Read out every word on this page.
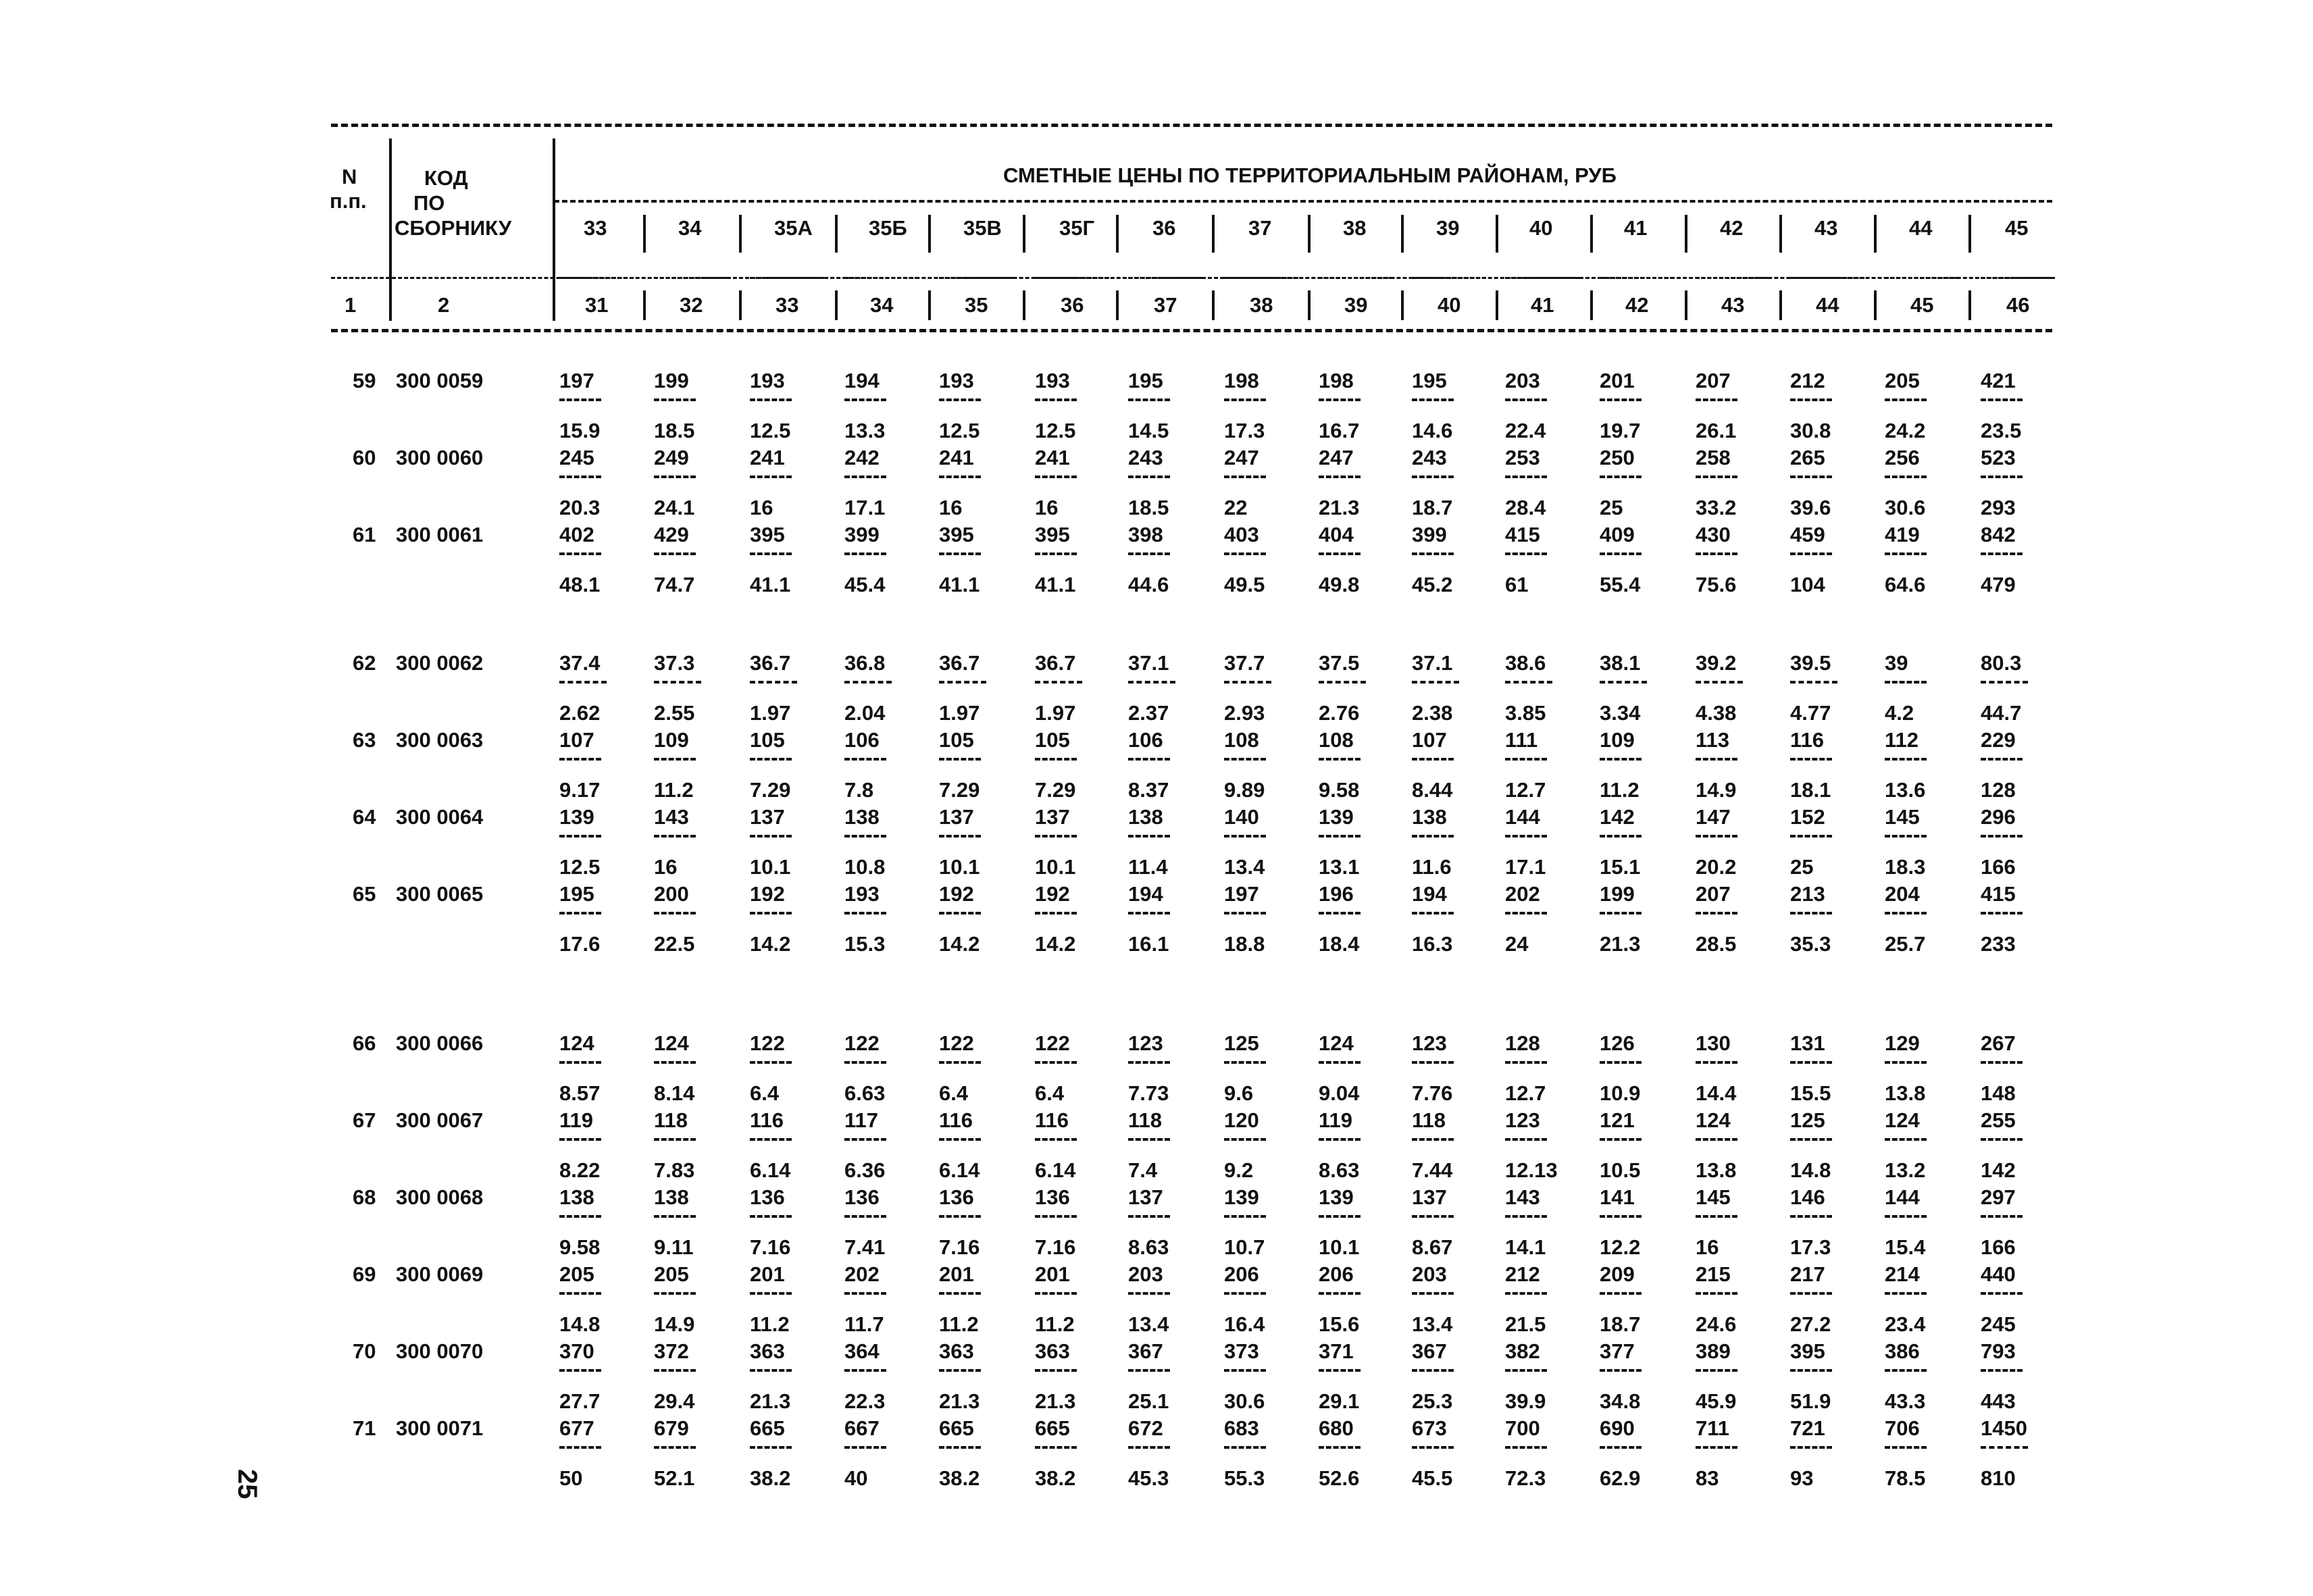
N
п.п.
КОД
ПО
СБОРНИКУ
СМЕТНЫЕ ЦЕНЫ ПО ТЕРРИТОРИАЛЬНЫМ РАЙОНАМ, РУБ
1	2
33
31
34
32
35А
33
35Б
34
35В
35
35Г
36
36
37
37
38
38
39
39
40
40
41
41
42
42
43
43
44
44
45
45
46
59 300 0059
60 300 0060
61 300 0061
197
15.9
245
20.3
402
48.1
199
18.5
249
24.1
429
74.7
193
12.5
241
16
395
41.1
194
13.3
242
17.1
399
45.4
193
12.5
241
16
395
41.1
193
12.5
241
16
395
41.1
195
14.5
243
18.5
398
44.6
198
17.3
247
22
403
49.5
198
16.7
247
21.3
404
49.8
195
14.6
243
18.7
399
45.2
203
22.4
253
28.4
415
61
201
19.7
250
25
409
55.4
207
26.1
258
33.2
430
75.6
212
30.8
265
39.6
459
104
205
24.2
256
30.6
419
64.6
421
23.5
523
293
842
479
62 300 0062
63 300 0063
64 300 0064
65 300 0065
37.4
2.62
107
9.17
139
12.5
195
17.6
37.3
2.55
109
11.2
143
16
200
22.5
36.7
1.97
105
7.29
137
10.1
192
14.2
36.8
2.04
106
7.8
138
10.8
193
15.3
36.7
1.97
105
7.29
137
10.1
192
14.2
36.7
1.97
105
7.29
137
10.1
192
14.2
37.1
2.37
106
8.37
138
11.4
194
16.1
37.7
2.93
108
9.89
140
13.4
197
18.8
37.5
2.76
108
9.58
139
13.1
196
18.4
37.1
2.38
107
8.44
138
11.6
194
16.3
38.6
3.85
111
12.7
144
17.1
202
24
38.1
3.34
109
11.2
142
15.1
199
21.3
39.2
4.38
113
14.9
147
20.2
207
28.5
39.5
4.77
116
18.1
152
25
213
35.3
39
4.2
112
13.6
145
18.3
204
25.7
80.3
44.7
229
128
296
166
415
233
66 300 0066
67 300 0067
68 300 0068
69 300 0069
70 300 0070
71 300 0071
124
8.57
119
8.22
138
9.58
205
14.8
370
27.7
677
50
124
8.14
118
7.83
138
9.11
205
14.9
372
29.4
679
52.1
122
6.4
116
6.14
136
7.16
201
11.2
363
21.3
665
38.2
122
6.63
117
6.36
136
7.41
202
11.7
364
22.3
667
40
122
6.4
116
6.14
136
7.16
201
11.2
363
21.3
665
38.2
122
6.4
116
6.14
136
7.16
201
11.2
363
21.3
665
38.2
123
7.73
118
7.4
137
8.63
203
13.4
367
25.1
672
45.3
125
9.6
120
9.2
139
10.7
206
16.4
373
30.6
683
55.3
124
9.04
119
8.63
139
10.1
206
15.6
371
29.1
680
52.6
123
7.76
118
7.44
137
8.67
203
13.4
367
25.3
673
45.5
128
12.7
123
12.13
143
14.1
212
21.5
382
39.9
700
72.3
126
10.9
121
10.5
141
12.2
209
18.7
377
34.8
690
62.9
130
14.4
124
13.8
145
16
215
24.6
389
45.9
711
83
131
15.5
125
14.8
146
17.3
217
27.2
395
51.9
721
93
129
13.8
124
13.2
144
15.4
214
23.4
386
43.3
706
78.5
267
148
255
142
297
166
440
245
793
443
1450
810
25
